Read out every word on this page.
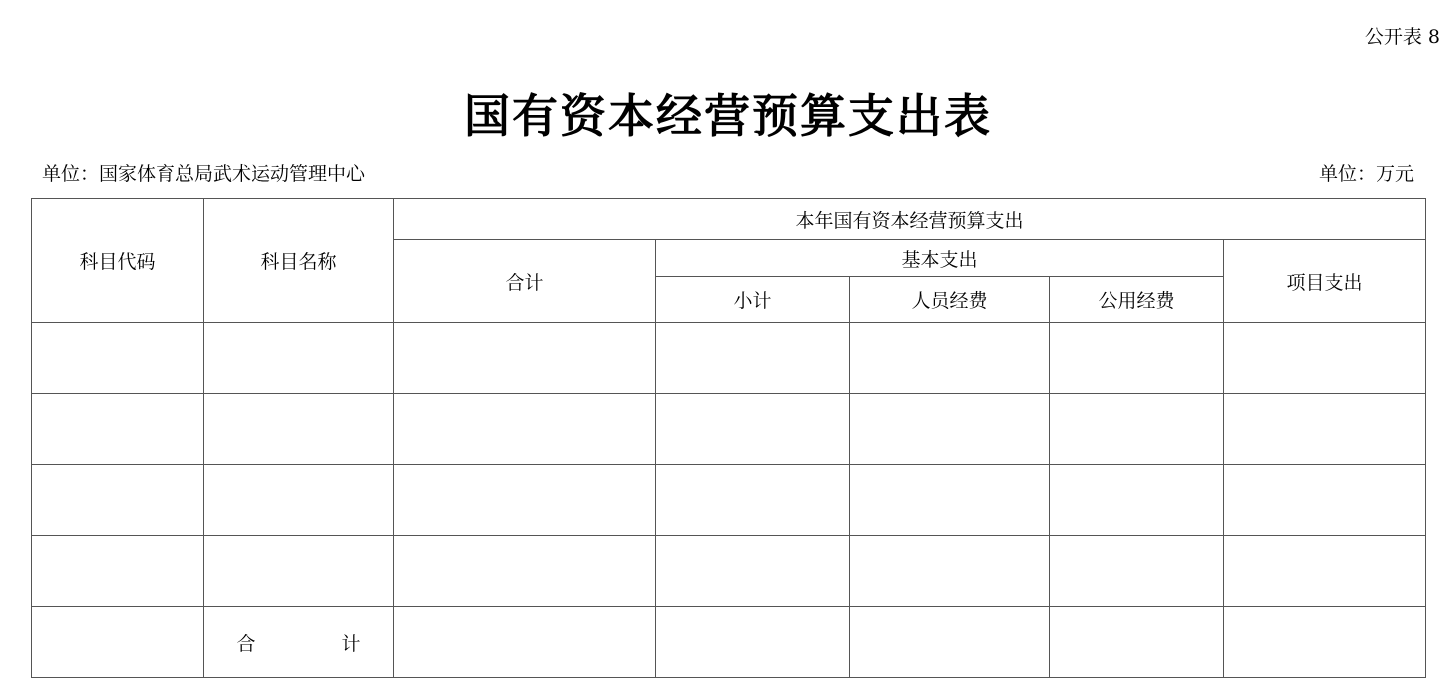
公开表 8
国有资本经营预算支出表
单位：国家体育总局武术运动管理中心	单位：万元
科目代码	科目名称	本年国有资本经营预算支出				
		合计	基本支出			项目支出
			小计	人员经费	公用经费	

	合 计					
